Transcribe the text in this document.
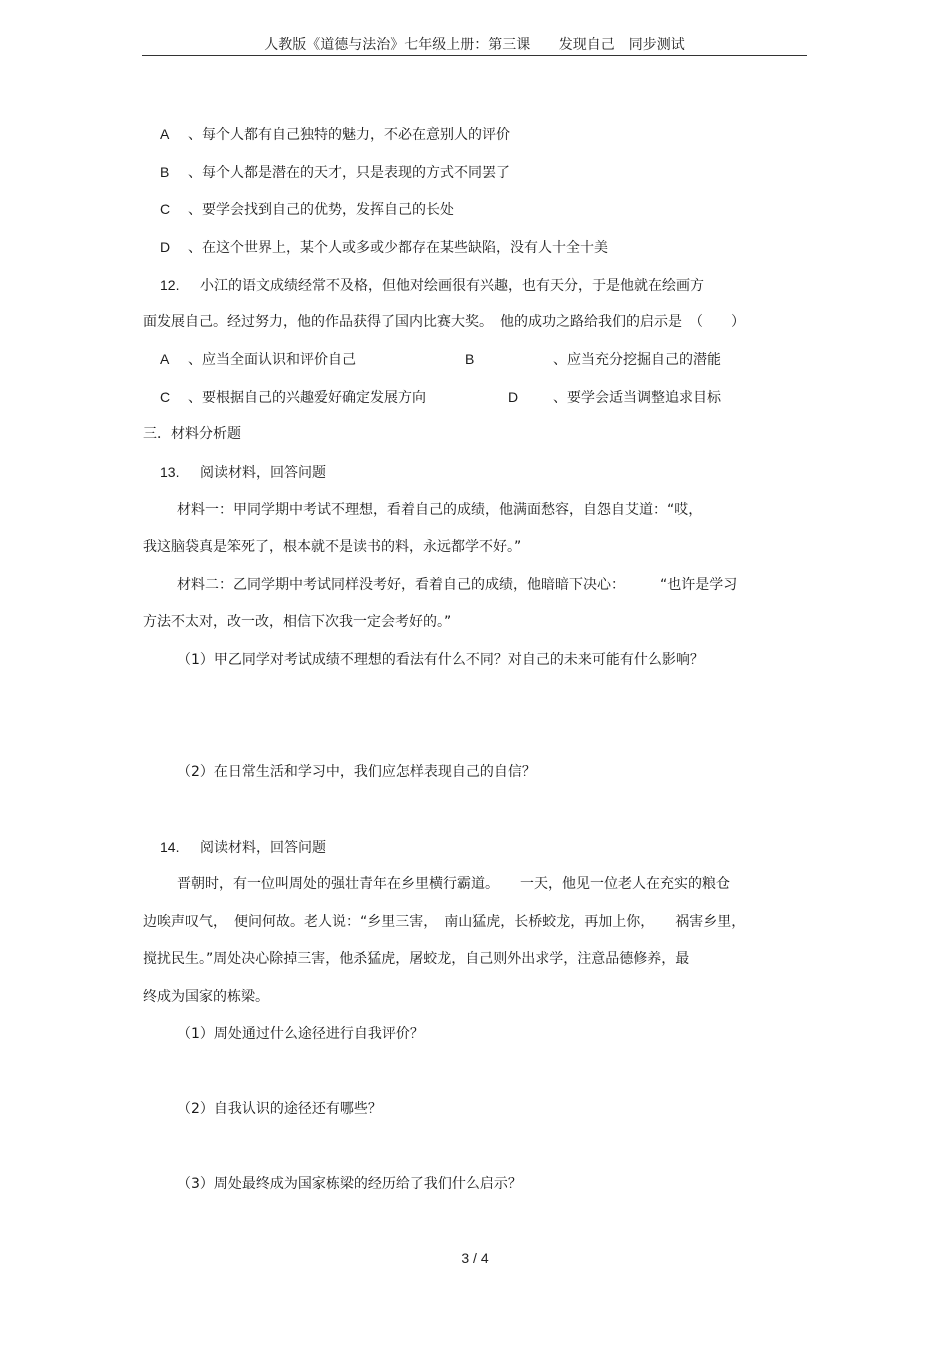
人教版《道德与法治》七年级上册：第三课 发现自己　同步测试
A 、每个人都有自己独特的魅力，不必在意别人的评价
B 、每个人都是潜在的天才，只是表现的方式不同罢了
C 、要学会找到自己的优势，发挥自己的长处
D 、在这个世界上，某个人或多或少都存在某些缺陷，没有人十全十美
12. 小江的语文成绩经常不及格，但他对绘画很有兴趣，也有天分，于是他就在绘画方
面发展自己。经过努力，他的作品获得了国内比赛大奖。　他的成功之路给我们的启示是　（　　）
A 、应当全面认识和评价自己	B	、应当充分挖掘自己的潜能
C 、要根据自己的兴趣爱好确定发展方向	D 、要学会适当调整追求目标
三．材料分析题
13. 阅读材料，回答问题
材料一：甲同学期中考试不理想，看着自己的成绩，他满面愁容，自怨自艾道：“哎，
我这脑袋真是笨死了，根本就不是读书的料，永远都学不好。”
材料二：乙同学期中考试同样没考好，看着自己的成绩，他暗暗下决心：　　　“也许是学习
方法不太对，改一改，相信下次我一定会考好的。”
（1）甲乙同学对考试成绩不理想的看法有什么不同？对自己的未来可能有什么影响？
（2）在日常生活和学习中，我们应怎样表现自己的自信？
14. 阅读材料，回答问题
晋朝时，有一位叫周处的强壮青年在乡里横行霸道。　　一天，他见一位老人在充实的粮仓
边唉声叹气，　便问何故。老人说：“乡里三害，　南山猛虎，长桥蛟龙，再加上你，　　祸害乡里，
搅扰民生。”周处决心除掉三害，他杀猛虎，屠蛟龙，自己则外出求学，注意品德修养，最
终成为国家的栋梁。
（1）周处通过什么途径进行自我评价？
（2）自我认识的途径还有哪些？
（3）周处最终成为国家栋梁的经历给了我们什么启示？
3 / 4
